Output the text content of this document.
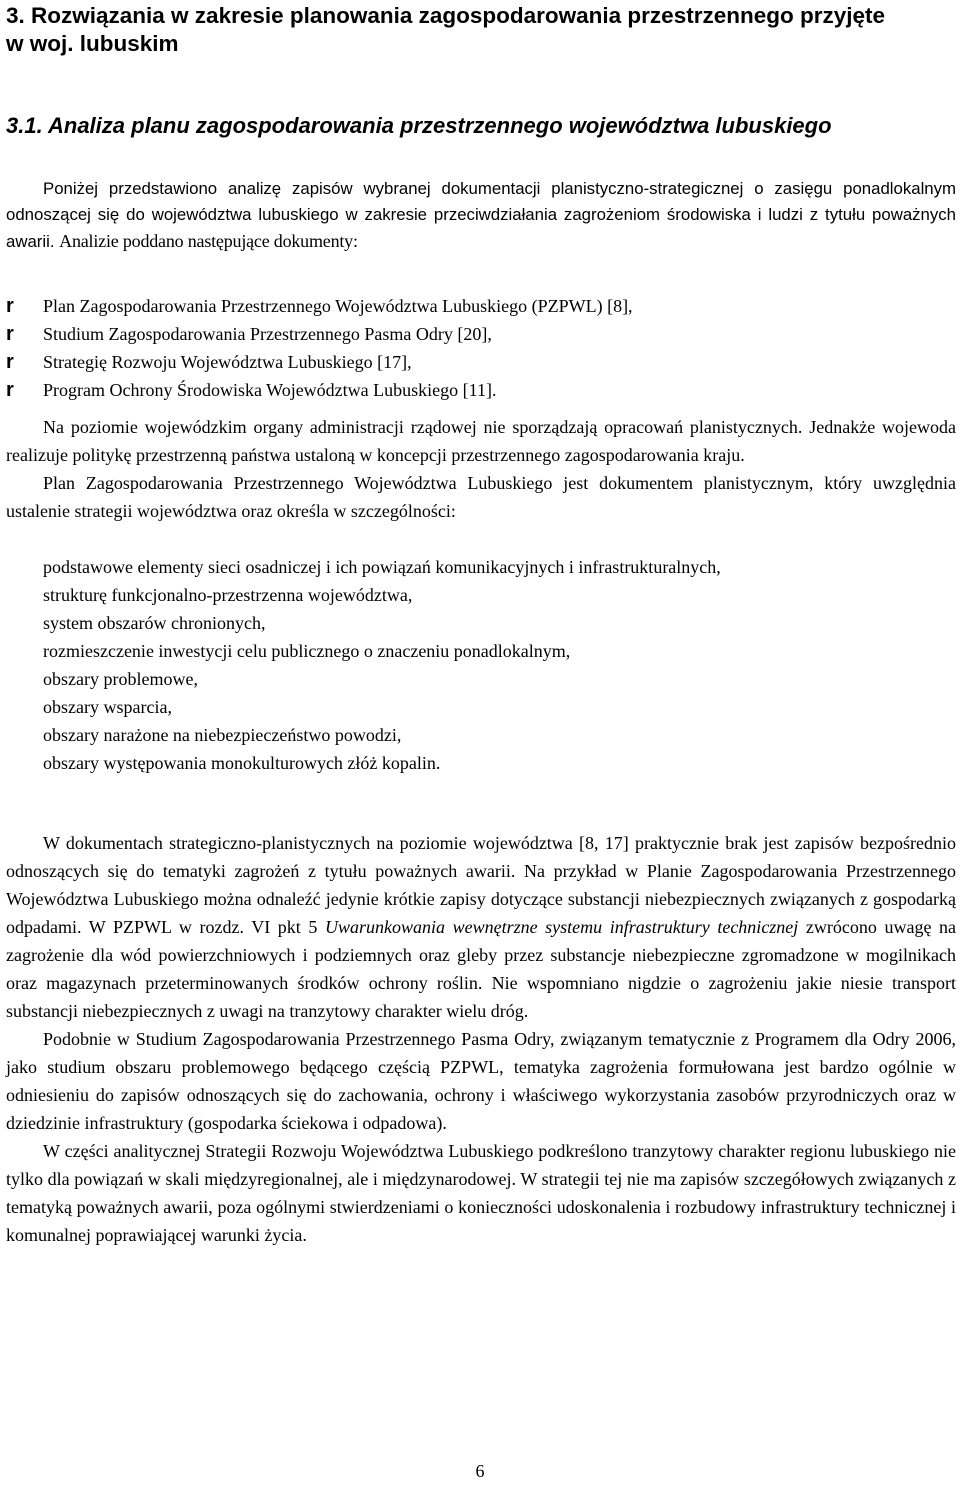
3. Rozwiązania w zakresie planowania zagospodarowania przestrzennego przyjęte w woj. lubuskim
3.1. Analiza planu zagospodarowania przestrzennego województwa lubuskiego

Poniżej przedstawiono analizę zapisów wybranej dokumentacji planistyczno-strategicznej o zasięgu ponadlokalnym odnoszącej się do województwa lubuskiego w zakresie przeciwdziałania zagrożeniom środowiska i ludzi z tytułu poważnych awarii. Analizie poddano następujące dokumenty:

r Plan Zagospodarowania Przestrzennego Województwa Lubuskiego (PZPWL) [8],
r Studium Zagospodarowania Przestrzennego Pasma Odry [20],
r Strategię Rozwoju Województwa Lubuskiego [17],
r Program Ochrony Środowiska Województwa Lubuskiego [11].

Na poziomie wojewódzkim organy administracji rządowej nie sporządzają opracowań planistycznych. Jednakże wojewoda realizuje politykę przestrzenną państwa ustaloną w koncepcji przestrzennego zagospodarowania kraju.

Plan Zagospodarowania Przestrzennego Województwa Lubuskiego jest dokumentem planistycznym, który uwzględnia ustalenie strategii województwa oraz określa w szczególności:

podstawowe elementy sieci osadniczej i ich powiązań komunikacyjnych i infrastrukturalnych,
strukturę funkcjonalno-przestrzenna województwa,
system obszarów chronionych,
rozmieszczenie inwestycji celu publicznego o znaczeniu ponadlokalnym,
obszary problemowe,
obszary wsparcia,
obszary narażone na niebezpieczeństwo powodzi,
obszary występowania monokulturowych złóż kopalin.

W dokumentach strategiczno-planistycznych na poziomie województwa [8, 17] praktycznie brak jest zapisów bezpośrednio odnoszących się do tematyki zagrożeń z tytułu poważnych awarii. Na przykład w Planie Zagospodarowania Przestrzennego Województwa Lubuskiego można odnaleźć jedynie krótkie zapisy dotyczące substancji niebezpiecznych związanych z gospodarką odpadami. W PZPWL w rozdz. VI pkt 5 Uwarunkowania wewnętrzne systemu infrastruktury technicznej zwrócono uwagę na zagrożenie dla wód powierzchniowych i podziemnych oraz gleby przez substancje niebezpieczne zgromadzone w mogilnikach oraz magazynach przeterminowanych środków ochrony roślin. Nie wspomniano nigdzie o zagrożeniu jakie niesie transport substancji niebezpiecznych z uwagi na tranzytowy charakter wielu dróg.

Podobnie w Studium Zagospodarowania Przestrzennego Pasma Odry, związanym tematycznie z Programem dla Odry 2006, jako studium obszaru problemowego będącego częścią PZPWL, tematyka zagrożenia formułowana jest bardzo ogólnie w odniesieniu do zapisów odnoszących się do zachowania, ochrony i właściwego wykorzystania zasobów przyrodniczych oraz w dziedzinie infrastruktury (gospodarka ściekowa i odpadowa).

W części analitycznej Strategii Rozwoju Województwa Lubuskiego podkreślono tranzytowy charakter regionu lubuskiego nie tylko dla powiązań w skali międzyregionalnej, ale i międzynarodowej. W strategii tej nie ma zapisów szczegółowych związanych z tematyką poważnych awarii, poza ogólnymi stwierdzeniami o konieczności udoskonalenia i rozbudowy infrastruktury technicznej i komunalnej poprawiającej warunki życia.

6
